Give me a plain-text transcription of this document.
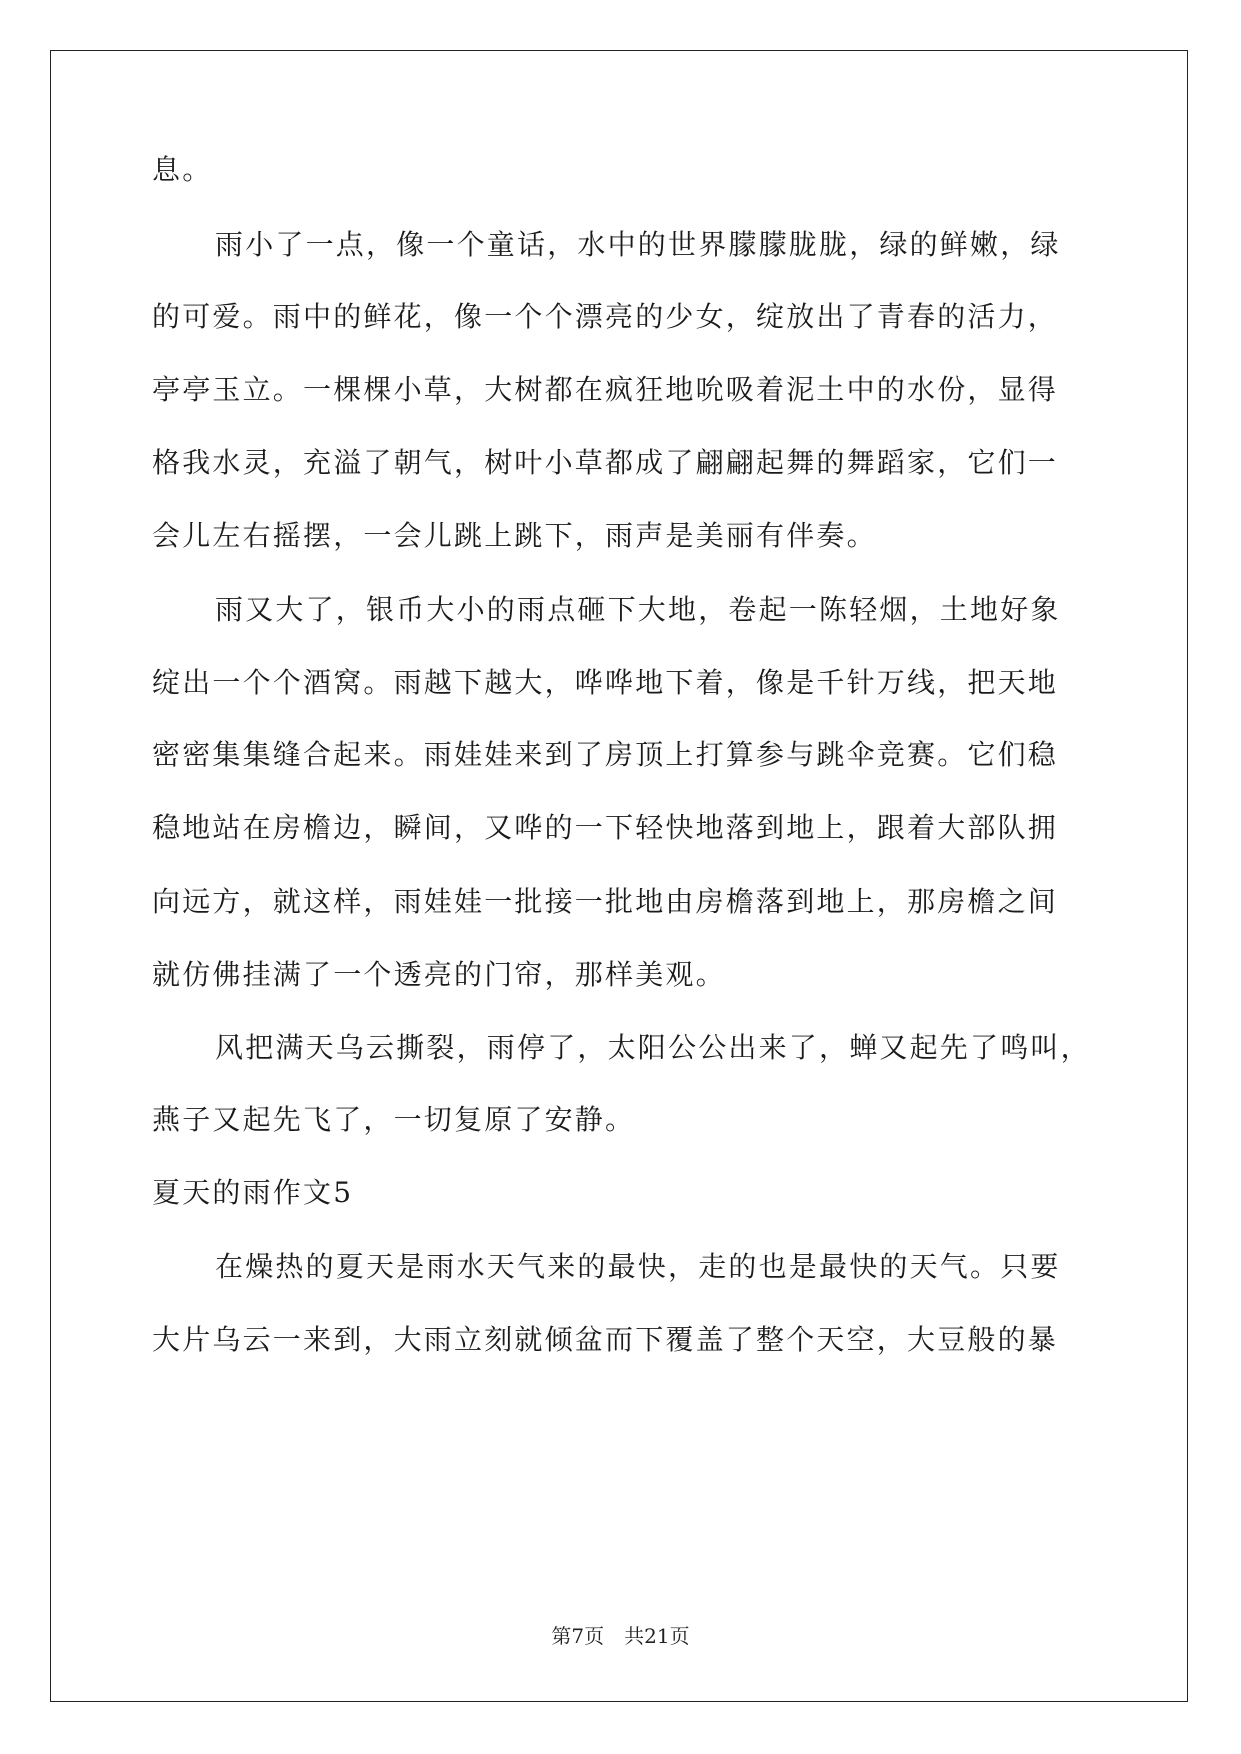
息。
雨小了一点，像一个童话，水中的世界朦朦胧胧，绿的鲜嫩，绿
的可爱。雨中的鲜花，像一个个漂亮的少女，绽放出了青春的活力，
亭亭玉立。一棵棵小草，大树都在疯狂地吮吸着泥土中的水份，显得
格我水灵，充溢了朝气，树叶小草都成了翩翩起舞的舞蹈家，它们一
会儿左右摇摆，一会儿跳上跳下，雨声是美丽有伴奏。
雨又大了，银币大小的雨点砸下大地，卷起一陈轻烟，土地好象
绽出一个个酒窝。雨越下越大，哗哗地下着，像是千针万线，把天地
密密集集缝合起来。雨娃娃来到了房顶上打算参与跳伞竞赛。它们稳
稳地站在房檐边，瞬间，又哗的一下轻快地落到地上，跟着大部队拥
向远方，就这样，雨娃娃一批接一批地由房檐落到地上，那房檐之间
就仿佛挂满了一个透亮的门帘，那样美观。
风把满天乌云撕裂，雨停了，太阳公公出来了，蝉又起先了鸣叫，
燕子又起先飞了，一切复原了安静。
夏天的雨作文5
在燥热的夏天是雨水天气来的最快，走的也是最快的天气。只要
大片乌云一来到，大雨立刻就倾盆而下覆盖了整个天空，大豆般的暴
第7页　共21页
